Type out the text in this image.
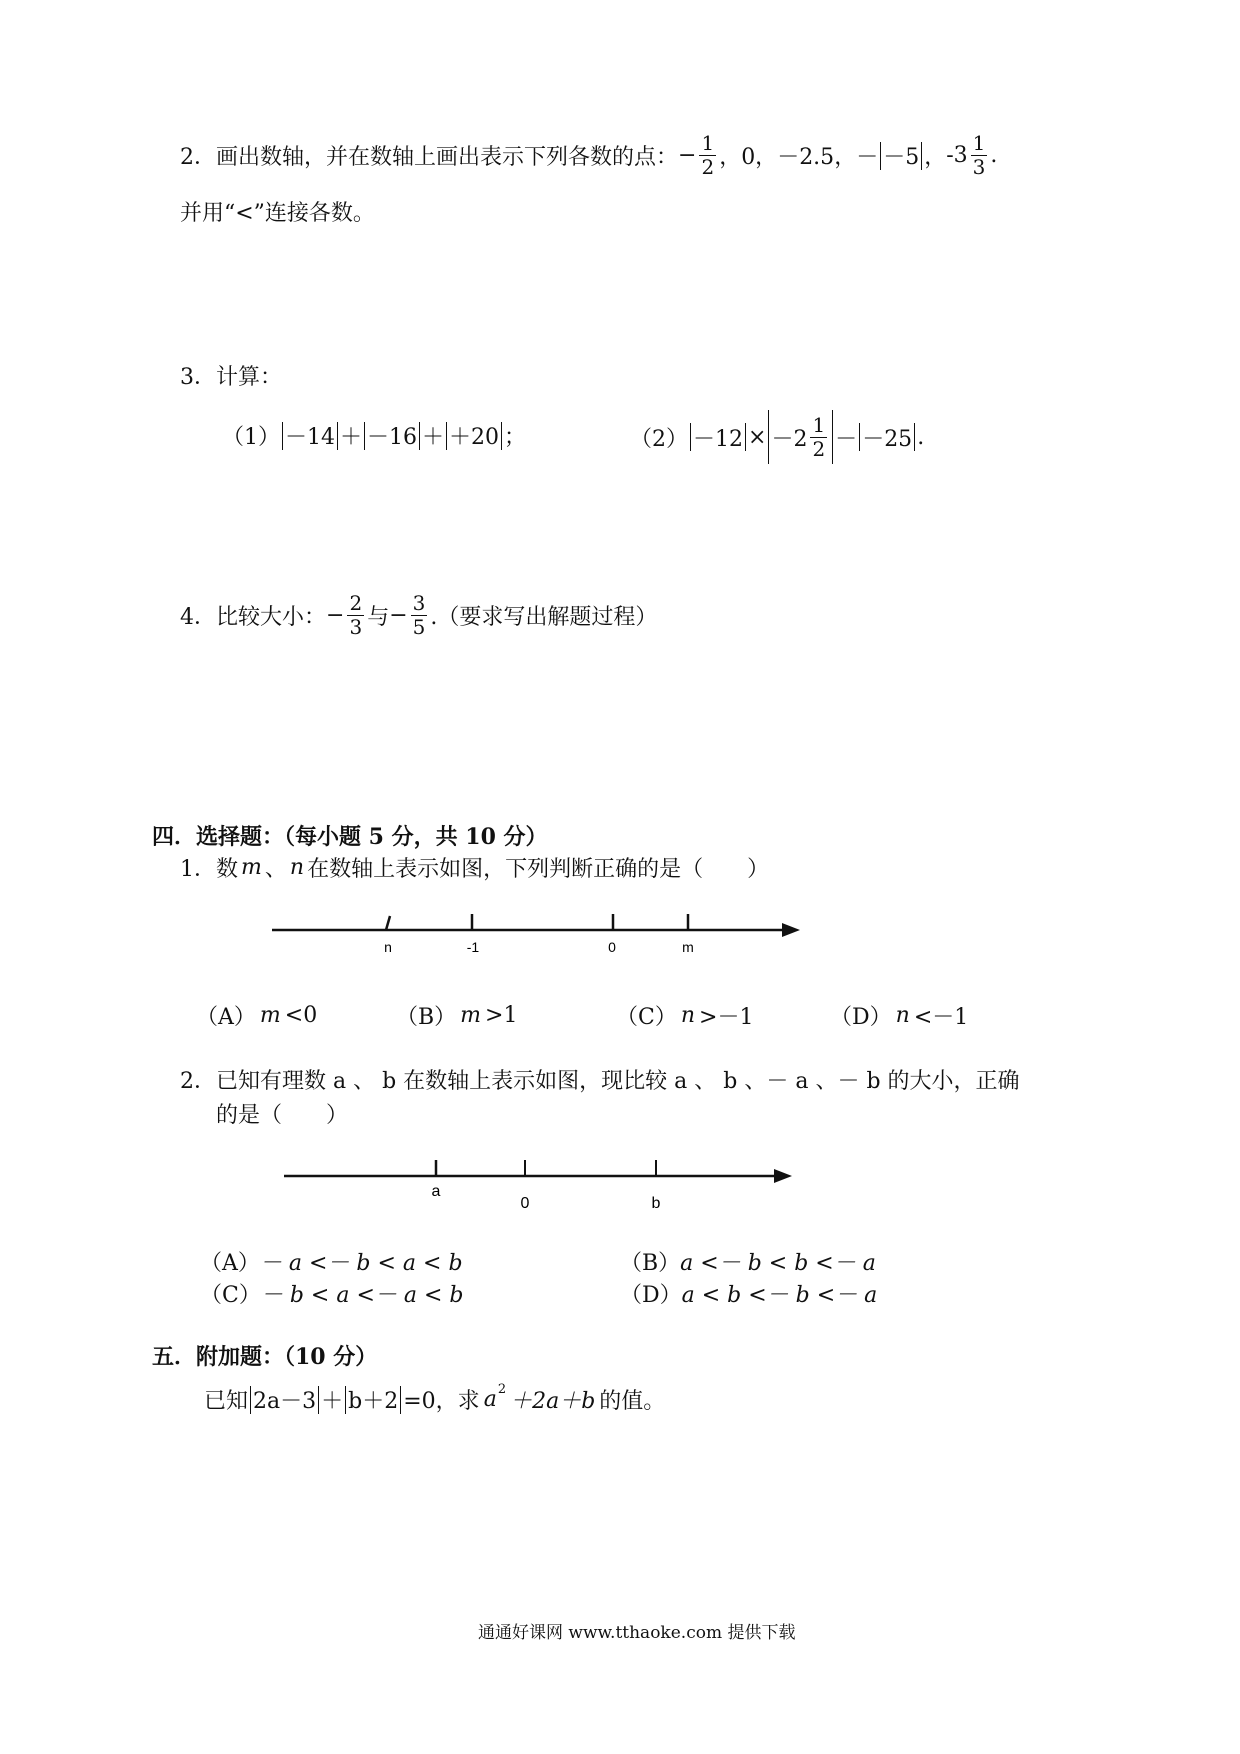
2． 画出数轴，并在数轴上画出表示下列各数的点： − $\frac{1}{2}$ ，0， －2.5 ， － －5 ， $-3 \frac{1}{3}$ .
并用“<”连接各数。
3． 计算：
（1） －14 ＋ －16 ＋ ＋20 ；	$(2) -12 \times -2 \frac{1}{2} - -25$ .
4． 比较大小： − $\frac{2}{3}$ 与 − $\frac{3}{5}$ .（要求写出解题过程）
四．选择题：（每小题 5 分，共 10 分）
1． 数 m 、 n 在数轴上表示如图，下列判断正确的是（　　）
n	-1	0	m
（A） m <0	（B） m >1	（C） n >－1	（D） n <－1
2．已知有理数 a 、 b 在数轴上表示如图，现比较 a 、 b 、－ a 、－ b 的大小，正确
的是（　　）
a
0	b
（A） － a <－ b < a < b	（B） a <－ b < b <－ a
（C） － b < a <－ a < b	（D） a < b <－ b <－ a
五．附加题：（10 分）
已知 2a－3 ＋ b＋2 =0，求 a 2 ＋2a＋b 的值。
通通好课网 www.tthaoke.com 提供下载
